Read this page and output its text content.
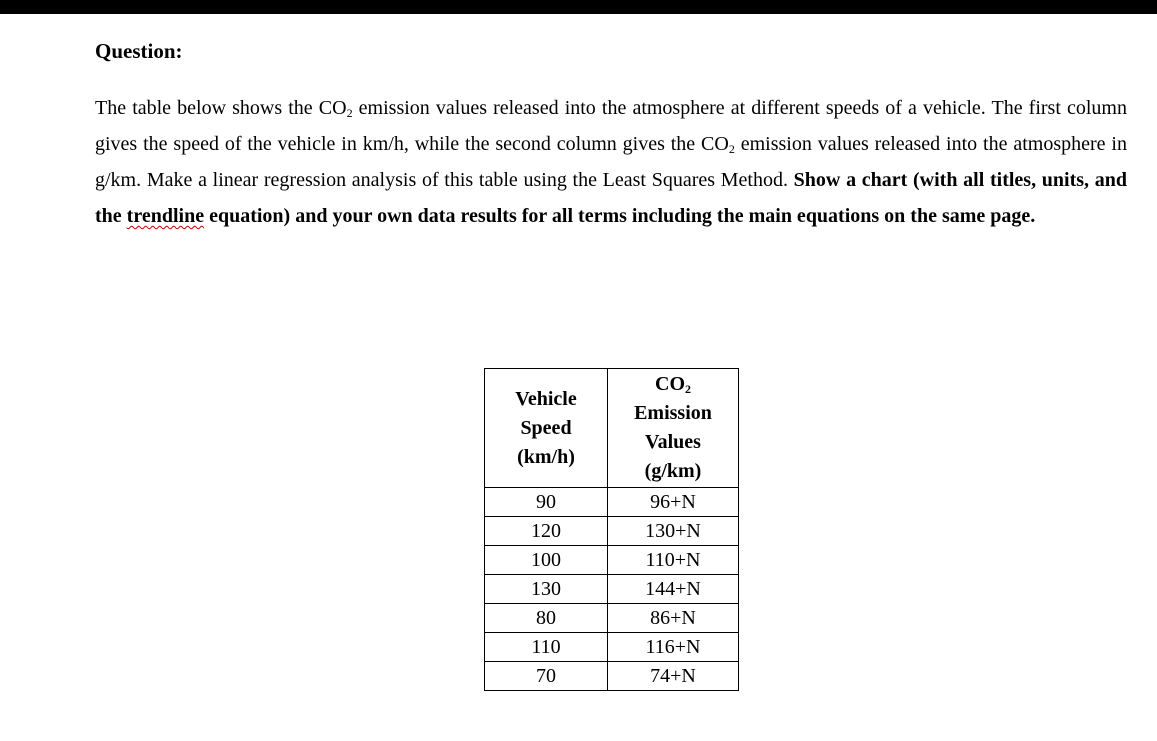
Question:
The table below shows the $CO_2$ emission values released into the atmosphere at different speeds of a vehicle. The first column gives the speed of the vehicle in km/h, while the second column gives the $CO_2$ emission values released into the atmosphere in g/km. Make a linear regression analysis of this table using the Least Squares Method. Show a chart (with all titles, units, and the trendline equation) and your own data results for all terms including the main equations on the same page.
Vehicle
Speed
(km/h)	$CO_2$
Emission
Values
(g/km)

90	96+N
120	130+N
100	110+N
130	144+N
80	86+N
110	116+N
70	74+N
